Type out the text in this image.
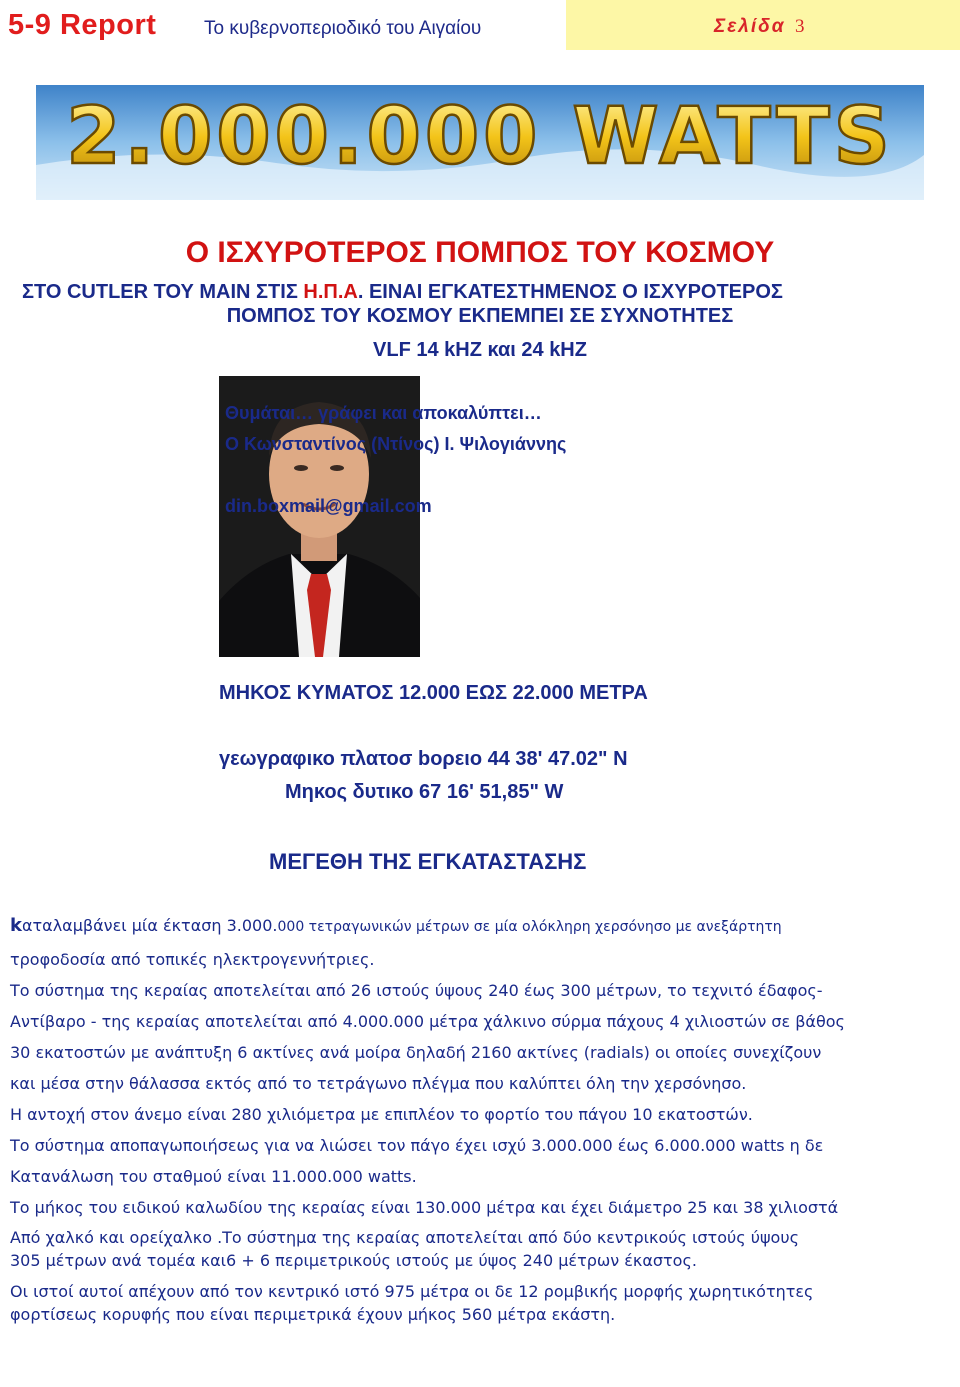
5-9 Report	Το κυβερνοπεριοδικό του Αιγαίου	Σελίδα 3
2.000.000 WATTS
Ο ΙΣΧΥΡΟΤΕΡΟΣ ΠΟΜΠΟΣ ΤΟΥ ΚΟΣΜΟΥ
ΣΤΟ CUTLER ΤΟΥ ΜΑΙΝ ΣΤΙΣ Η.Π.Α. ΕΙΝΑΙ ΕΓΚΑΤΕΣΤΗΜΕΝΟΣ Ο ΙΣΧΥΡΟΤΕΡΟΣ
ΠΟΜΠΟΣ ΤΟΥ ΚΟΣΜΟΥ ΕΚΠΕΜΠΕΙ ΣΕ ΣΥΧΝΟΤΗΤΕΣ
VLF 14 kHZ και 24 kHZ
Θυμάται… γράφει και αποκαλύπτει…
Ο Κωνσταντίνος (Ντίνος) Ι. Ψιλογιάννης
din.boxmail@gmail.com
ΜΗΚΟΣ ΚΥΜΑΤΟΣ 12.000 ΕΩΣ 22.000 ΜΕΤΡΑ
γεωγραφικο πλατοσ bορειο 44 38' 47.02" N
Μηκος δυτικο 67 16' 51,85" W
ΜΕΓΕΘΗ ΤΗΣ ΕΓΚΑΤΑΣΤΑΣΗΣ
kαταλαμβάνει μία έκταση 3.000.000 τετραγωνικών μέτρων σε μία ολόκληρη χερσόνησο με ανεξάρτητη
τροφοδοσία από τοπικές ηλεκτρογεννήτριες.
Το σύστημα της κεραίας αποτελείται από 26 ιστούς ύψους 240 έως 300 μέτρων, το τεχνιτό έδαφος-
Αντίβαρο - της κεραίας αποτελείται από 4.000.000 μέτρα χάλκινο σύρμα πάχους 4 χιλιοστών σε βάθος
30 εκατοστών με ανάπτυξη 6 ακτίνες ανά μοίρα δηλαδή 2160 ακτίνες (radials) οι οποίες συνεχίζουν
και μέσα στην θάλασσα εκτός από το τετράγωνο πλέγμα που καλύπτει όλη την χερσόνησο.
Η αντοχή στον άνεμο είναι 280 χιλιόμετρα με επιπλέον το φορτίο του πάγου 10 εκατοστών.
Το σύστημα αποπαγωποιήσεως για να λιώσει τον πάγο έχει ισχύ 3.000.000 έως 6.000.000 watts η δε
Κατανάλωση του σταθμού είναι 11.000.000 watts.
Το μήκος του ειδικού καλωδίου της κεραίας είναι 130.000 μέτρα και έχει διάμετρο 25 και 38 χιλιοστά
Από χαλκό και ορείχαλκο .Το σύστημα της κεραίας αποτελείται από δύο κεντρικούς ιστούς ύψους
305 μέτρων ανά τομέα και6 + 6 περιμετρικούς ιστούς με ύψος 240 μέτρων έκαστος.
Οι ιστοί αυτοί απέχουν από τον κεντρικό ιστό 975 μέτρα οι δε 12 ρομβικής μορφής χωρητικότητες
φορτίσεως κορυφής που είναι περιμετρικά έχουν μήκος 560 μέτρα εκάστη.
